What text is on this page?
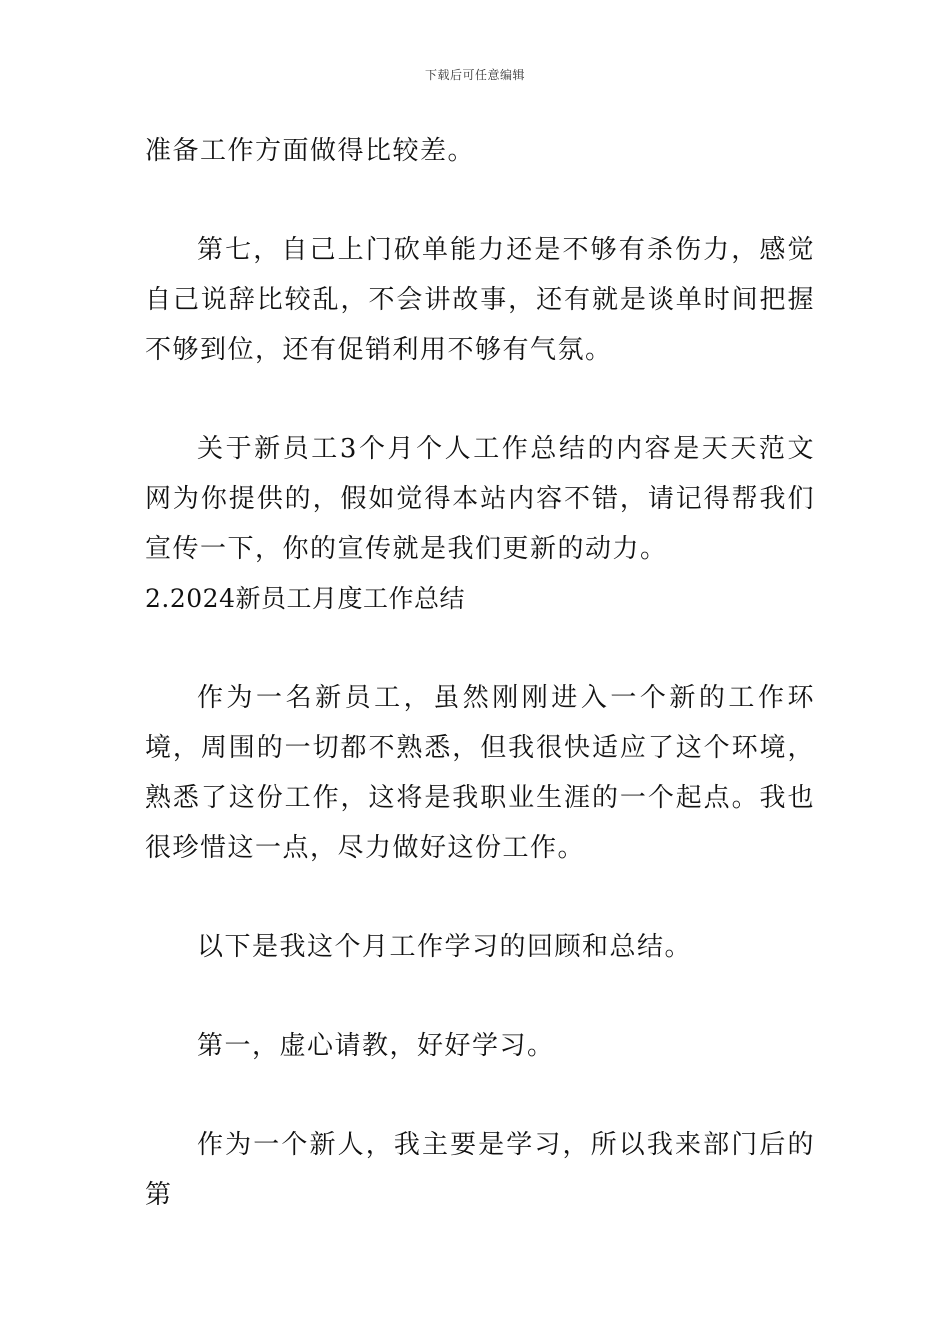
下载后可任意编辑

准备工作方面做得比较差。

第七，自己上门砍单能力还是不够有杀伤力，感觉自己说辞比较乱，不会讲故事，还有就是谈单时间把握不够到位，还有促销利用不够有气氛。

关于新员工3个月个人工作总结的内容是天天范文网为你提供的，假如觉得本站内容不错，请记得帮我们宣传一下，你的宣传就是我们更新的动力。

2.2024新员工月度工作总结

作为一名新员工，虽然刚刚进入一个新的工作环境，周围的一切都不熟悉，但我很快适应了这个环境，熟悉了这份工作，这将是我职业生涯的一个起点。我也很珍惜这一点，尽力做好这份工作。

以下是我这个月工作学习的回顾和总结。

第一，虚心请教，好好学习。

作为一个新人，我主要是学习，所以我来部门后的第
